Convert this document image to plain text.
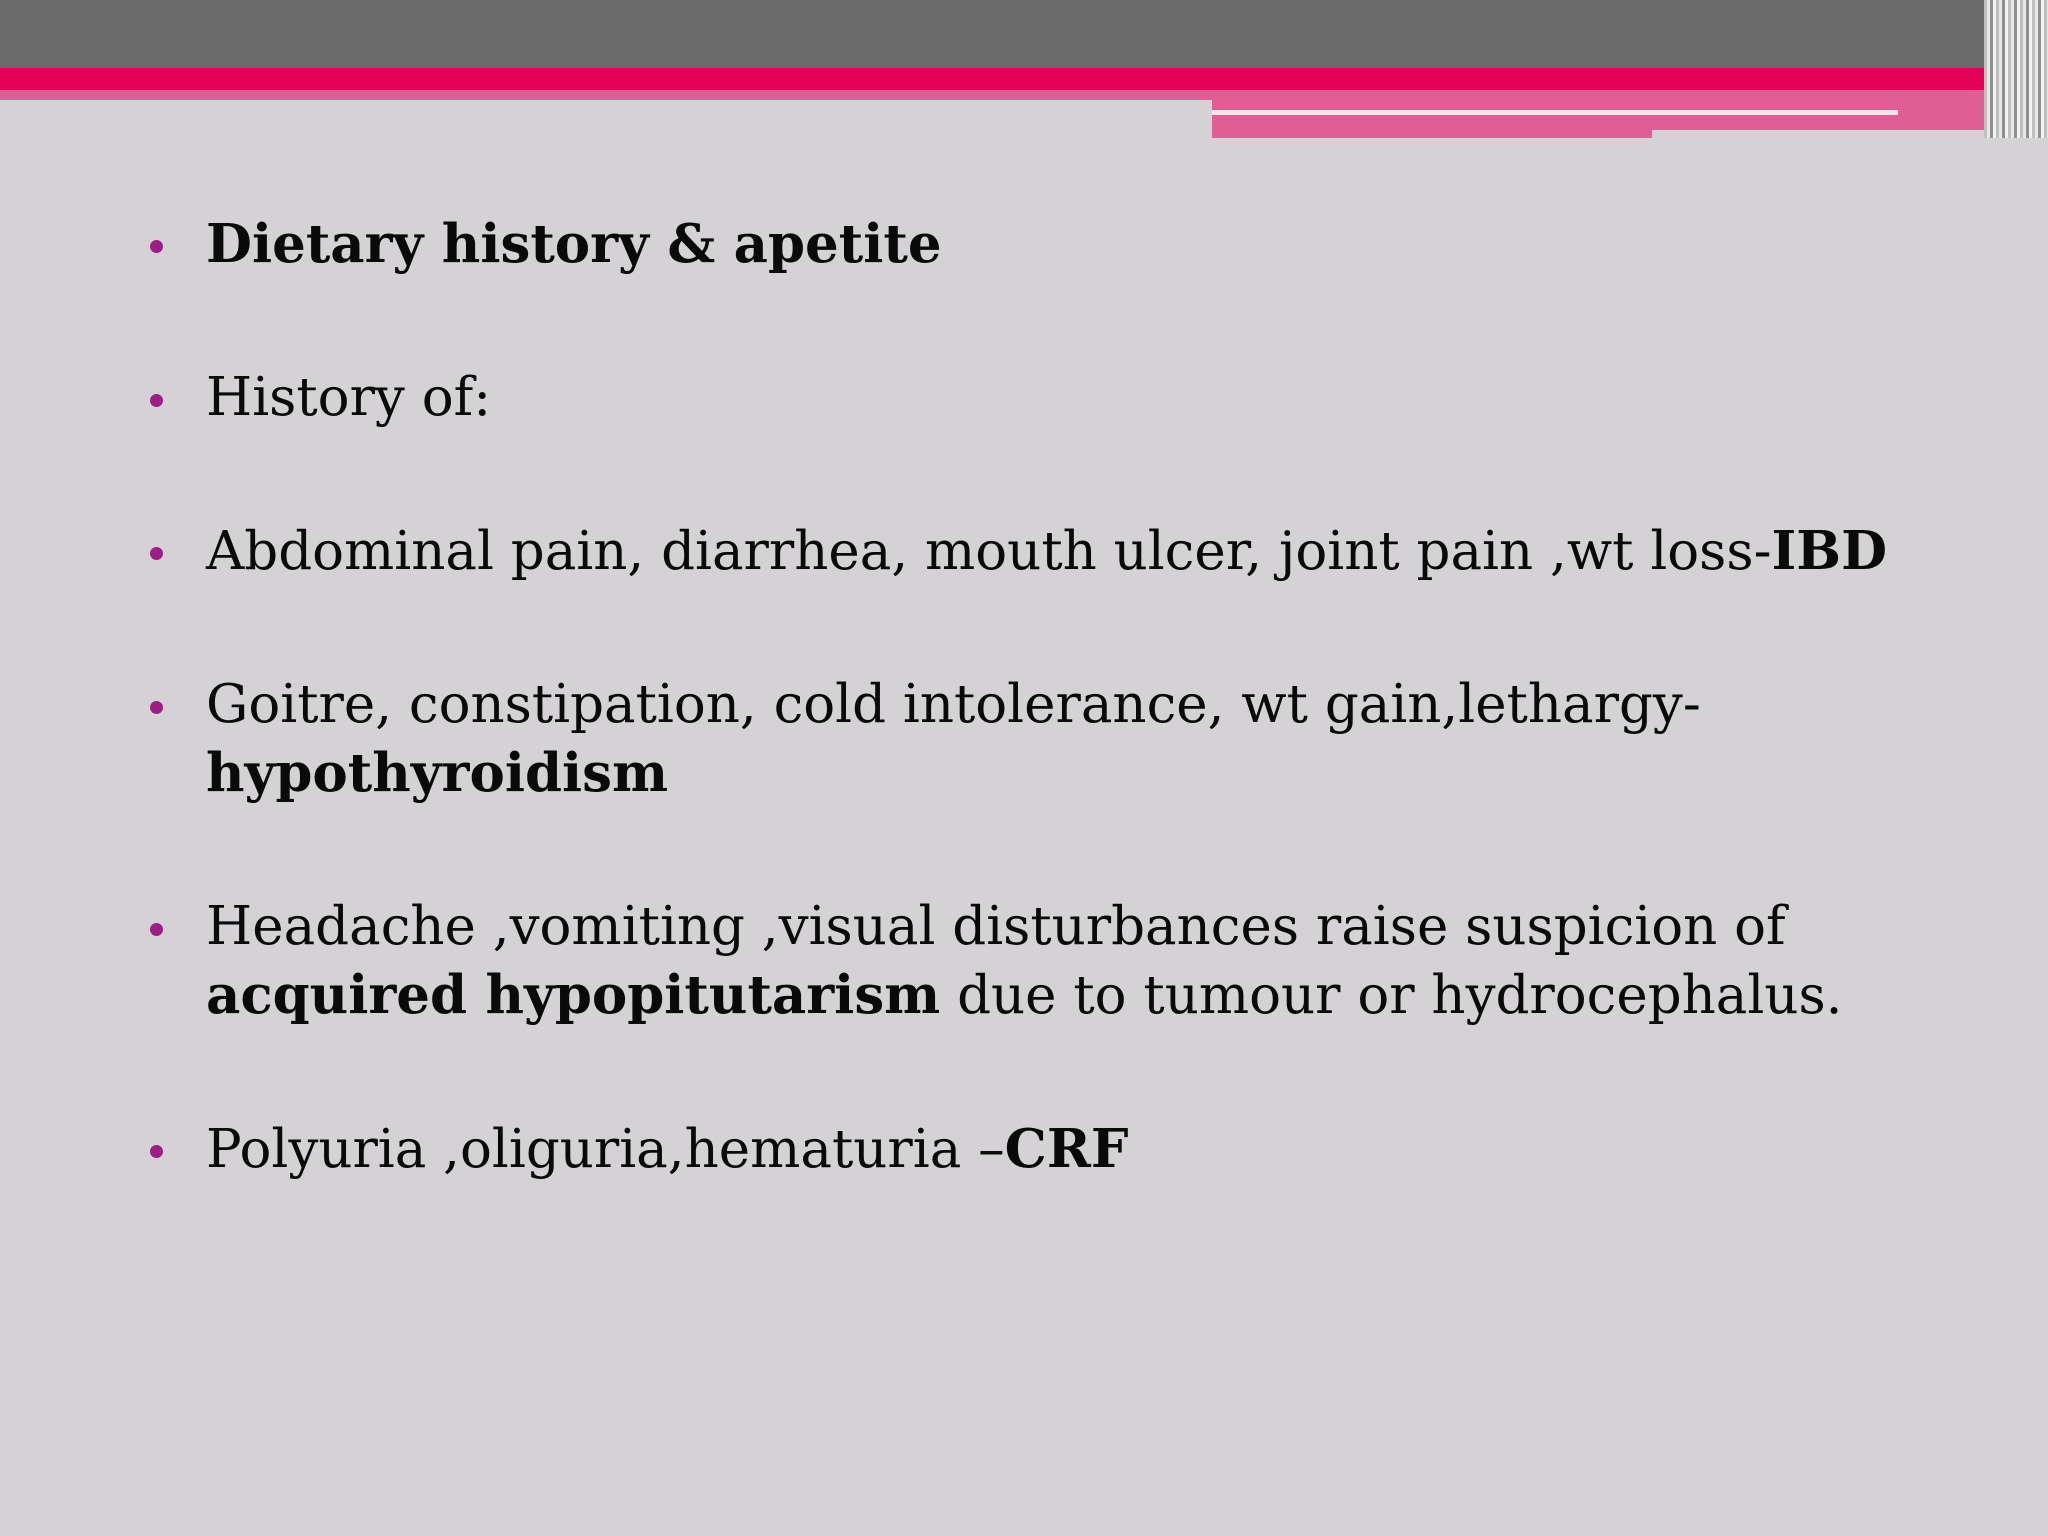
Dietary history & apetite
History of:
Abdominal pain, diarrhea, mouth ulcer, joint pain ,wt loss-IBD
Goitre, constipation, cold intolerance, wt gain,lethargy-
hypothyroidism
Headache ,vomiting ,visual disturbances raise suspicion of
acquired hypopitutarism due to tumour or hydrocephalus.
Polyuria ,oliguria,hematuria –CRF
